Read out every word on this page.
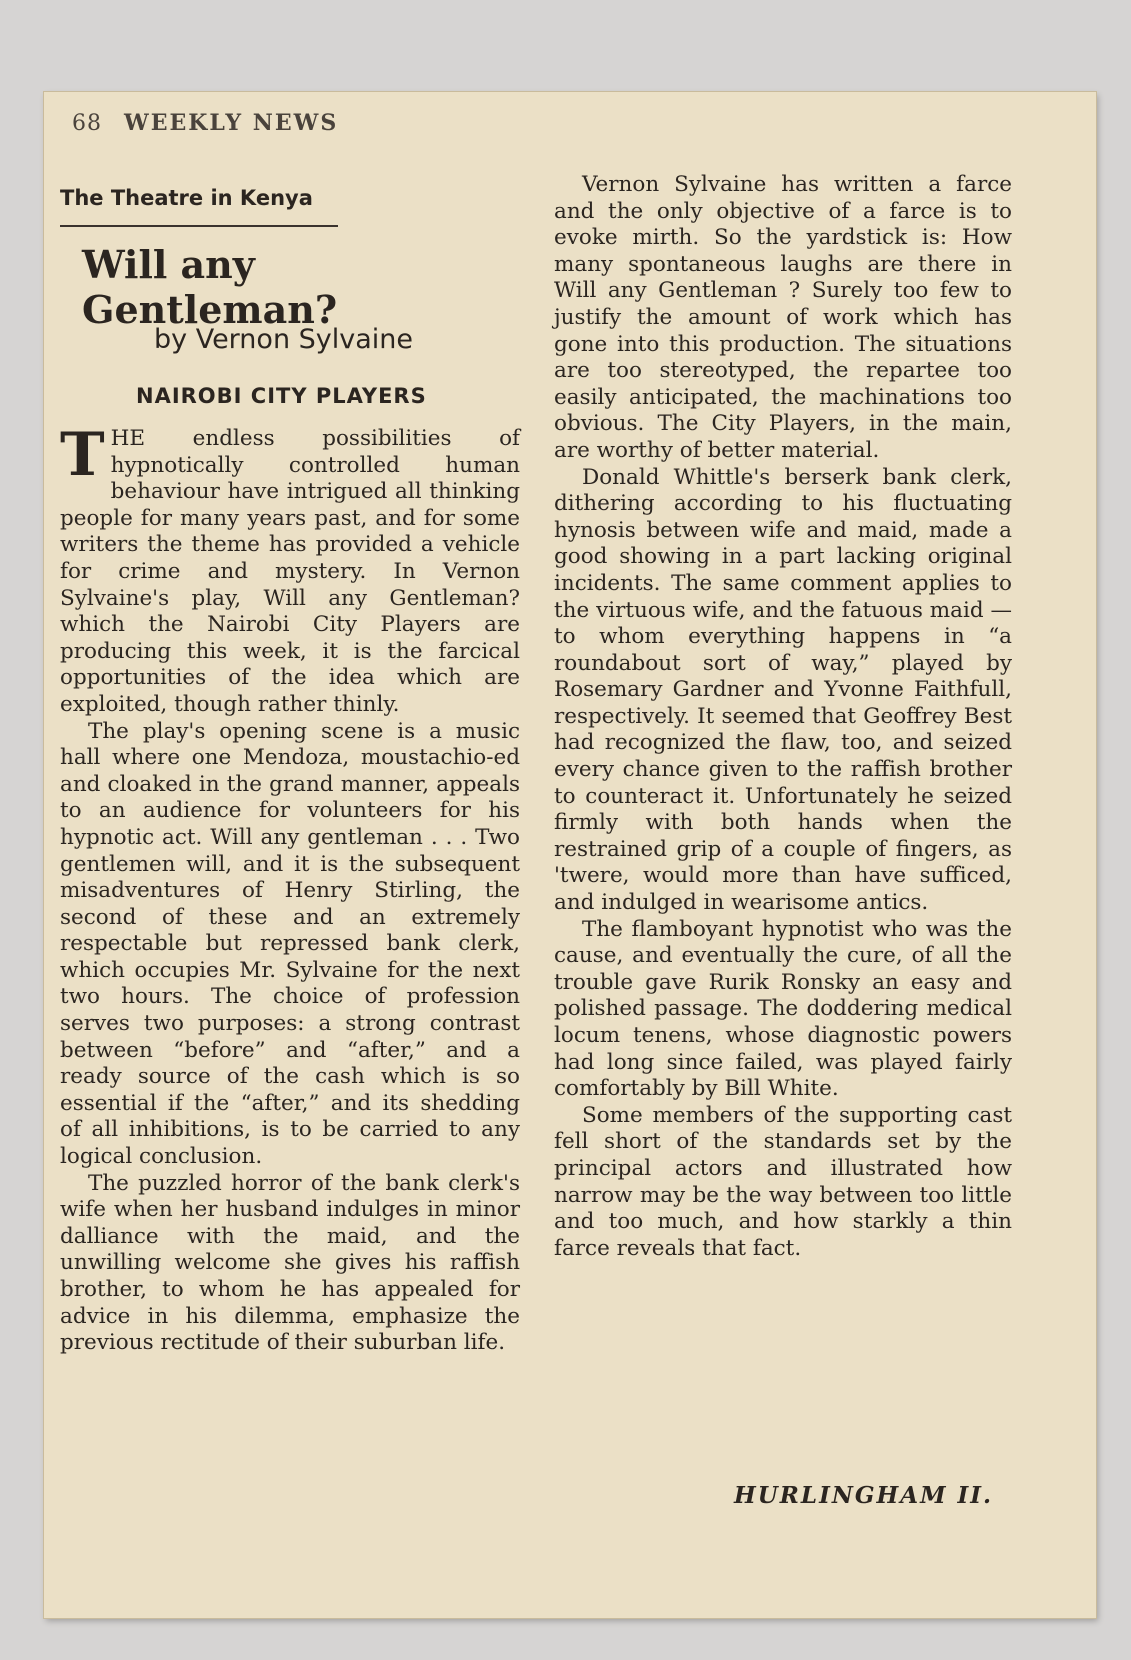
68 WEEKLY NEWS
The Theatre in Kenya
Will any Gentleman?
by Vernon Sylvaine
NAIROBI CITY PLAYERS

THE endless possibilities of hypnotically controlled human behaviour have intrigued all thinking people for many years past, and for some writers the theme has provided a vehicle for crime and mystery. In Vernon Sylvaine's play, Will any Gentleman? which the Nairobi City Players are producing this week, it is the farcical opportunities of the idea which are exploited, though rather thinly.

The play's opening scene is a music hall where one Mendoza, moustachio-ed and cloaked in the grand manner, appeals to an audience for volunteers for his hypnotic act. Will any gentleman . . . Two gentlemen will, and it is the subsequent misadventures of Henry Stirling, the second of these and an extremely respectable but repressed bank clerk, which occupies Mr. Sylvaine for the next two hours. The choice of profession serves two purposes: a strong contrast between “before” and “after,” and a ready source of the cash which is so essential if the “after,” and its shedding of all inhibitions, is to be carried to any logical conclusion.

The puzzled horror of the bank clerk's wife when her husband indulges in minor dalliance with the maid, and the unwilling welcome she gives his raffish brother, to whom he has appealed for advice in his dilemma, emphasize the previous rectitude of their suburban life.

Vernon Sylvaine has written a farce and the only objective of a farce is to evoke mirth. So the yardstick is: How many spontaneous laughs are there in Will any Gentleman ? Surely too few to justify the amount of work which has gone into this production. The situations are too stereotyped, the repartee too easily anticipated, the machinations too obvious. The City Players, in the main, are worthy of better material.

Donald Whittle's berserk bank clerk, dithering according to his fluctuating hynosis between wife and maid, made a good showing in a part lacking original incidents. The same comment applies to the virtuous wife, and the fatuous maid — to whom everything happens in “a roundabout sort of way,” played by Rosemary Gardner and Yvonne Faithfull, respectively. It seemed that Geoffrey Best had recognized the flaw, too, and seized every chance given to the raffish brother to counteract it. Unfortunately he seized firmly with both hands when the restrained grip of a couple of fingers, as 'twere, would more than have sufficed, and indulged in wearisome antics.

The flamboyant hypnotist who was the cause, and eventually the cure, of all the trouble gave Rurik Ronsky an easy and polished passage. The doddering medical locum tenens, whose diagnostic powers had long since failed, was played fairly comfortably by Bill White.

Some members of the supporting cast fell short of the standards set by the principal actors and illustrated how narrow may be the way between too little and too much, and how starkly a thin farce reveals that fact.

HURLINGHAM II.
